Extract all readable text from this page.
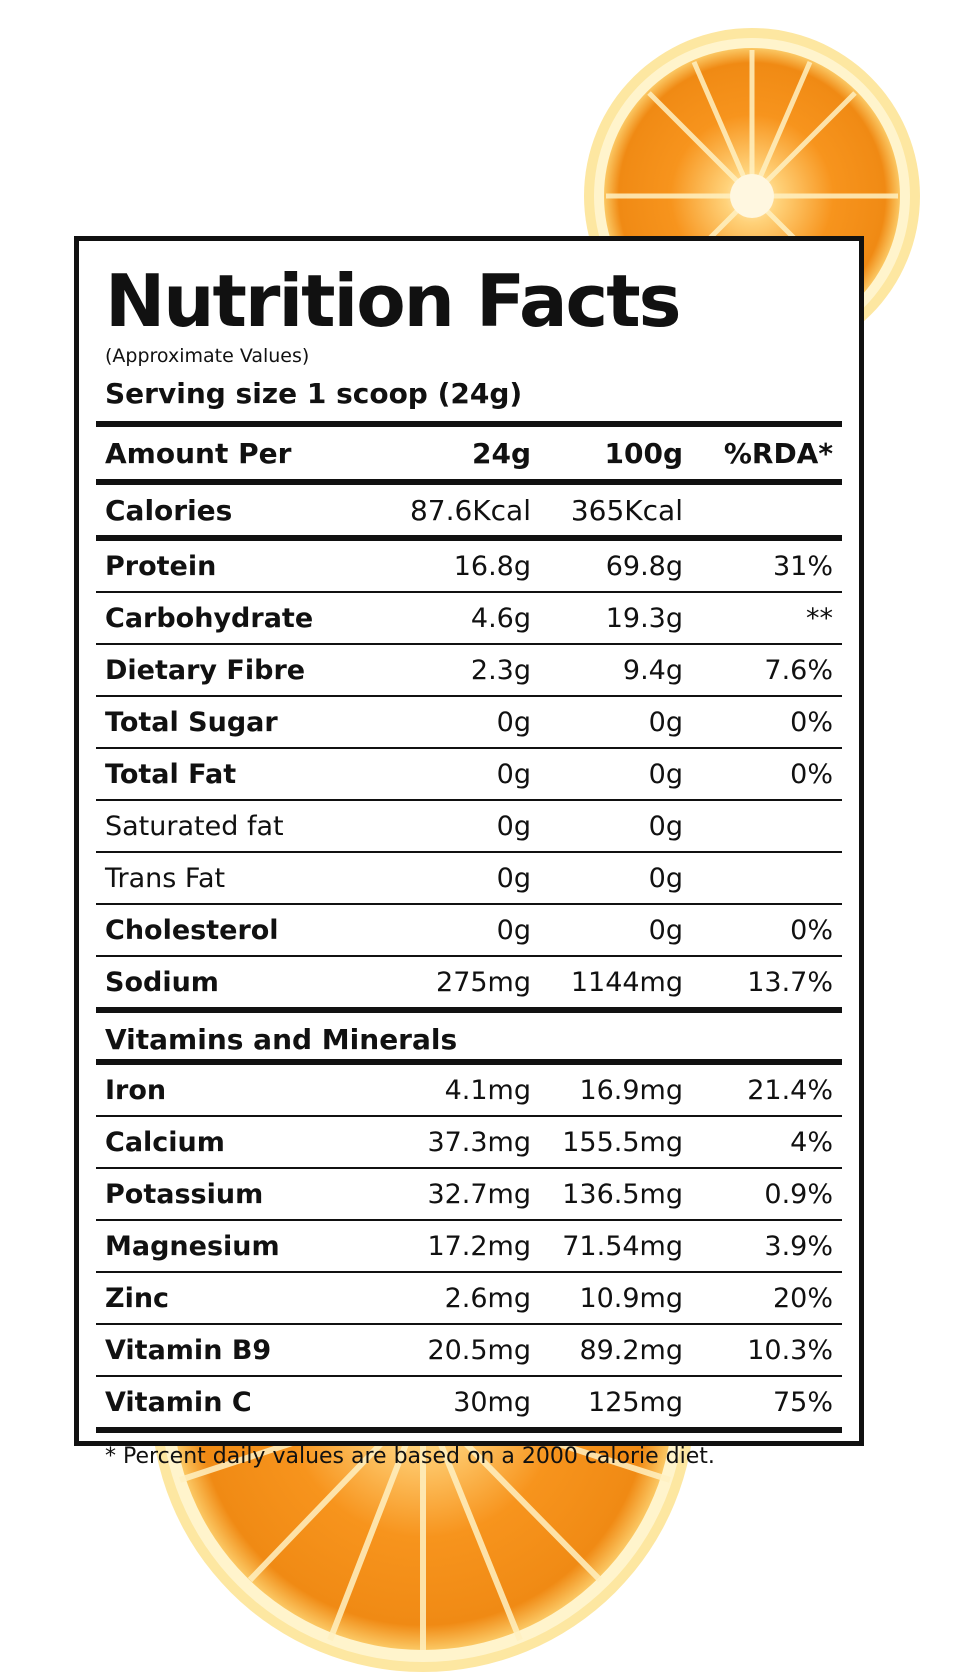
Nutrition Facts
(Approximate Values)
Serving size 1 scoop (24g)
Amount Per	24g	100g	%RDA*
Calories	87.6Kcal	365Kcal
Protein	16.8g	69.8g	31%
Carbohydrate	4.6g	19.3g	**
Dietary Fibre	2.3g	9.4g	7.6%
Total Sugar	0g	0g	0%
Total Fat	0g	0g	0%
Saturated fat	0g	0g
Trans Fat	0g	0g
Cholesterol	0g	0g	0%
Sodium	275mg	1144mg	13.7%
Vitamins and Minerals
Iron	4.1mg	16.9mg	21.4%
Calcium	37.3mg	155.5mg	4%
Potassium	32.7mg	136.5mg	0.9%
Magnesium	17.2mg	71.54mg	3.9%
Zinc	2.6mg	10.9mg	20%
Vitamin B9	20.5mg	89.2mg	10.3%
Vitamin C	30mg	125mg	75%
* Percent daily values are based on a 2000 calorie diet.
